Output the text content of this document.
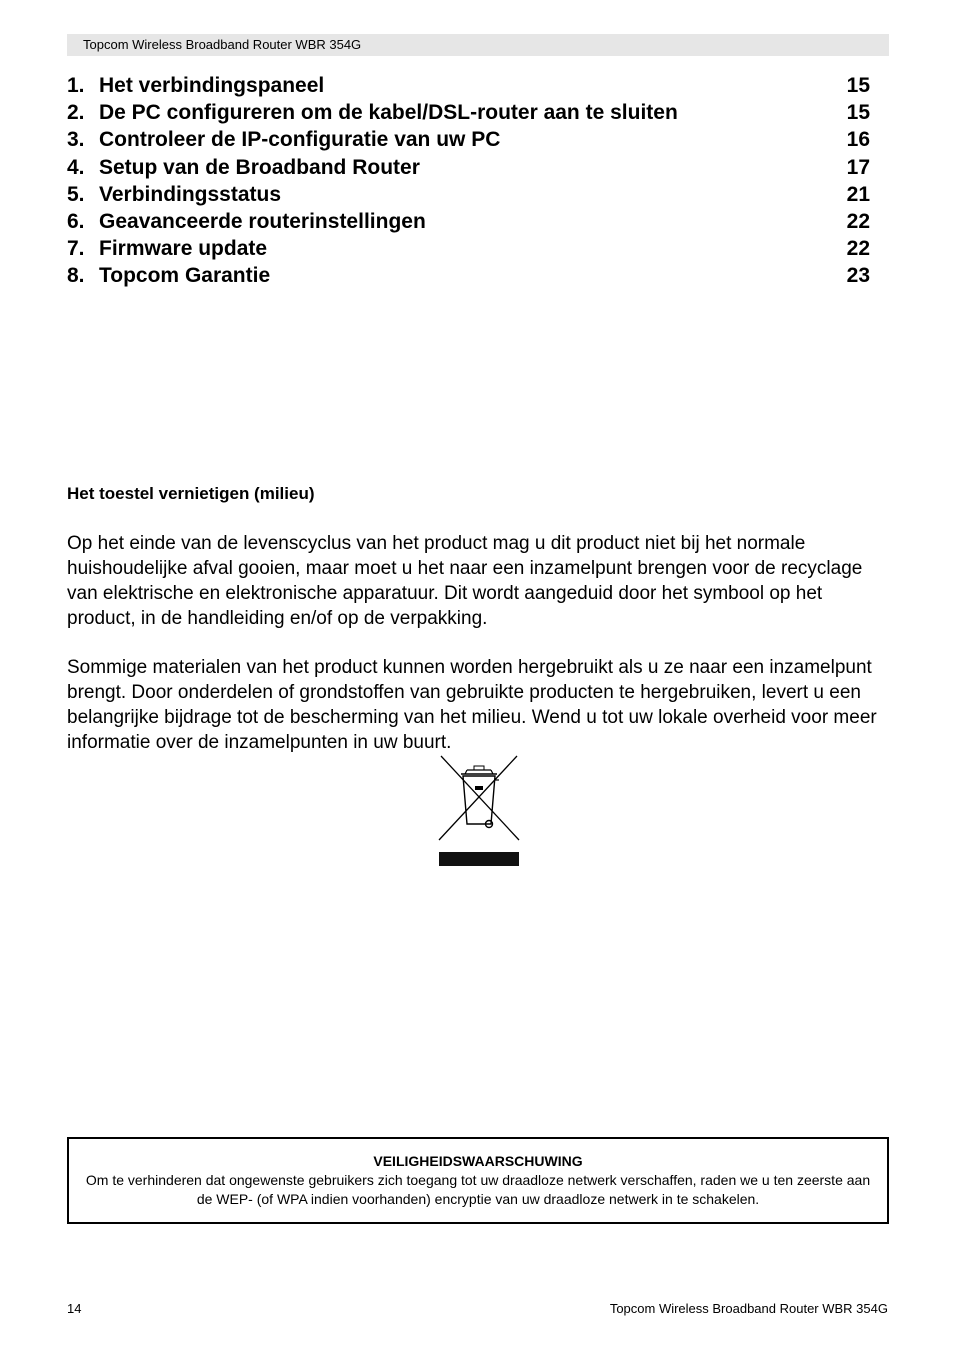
Topcom Wireless Broadband Router WBR 354G
1. Het verbindingspaneel	15
2. De PC configureren om de kabel/DSL-router aan te sluiten	15
3. Controleer de IP-configuratie van uw PC	16
4. Setup van de Broadband Router	17
5. Verbindingsstatus	21
6. Geavanceerde routerinstellingen	22
7. Firmware update	22
8. Topcom Garantie	23
Het toestel vernietigen (milieu)

Op het einde van de levenscyclus van het product mag u dit product niet bij het normale huishoudelijke afval gooien, maar moet u het naar een inzamelpunt brengen voor de recyclage van elektrische en elektronische apparatuur. Dit wordt aangeduid door het symbool op het product, in de handleiding en/of op de verpakking.

Sommige materialen van het product kunnen worden hergebruikt als u ze naar een inzamelpunt brengt. Door onderdelen of grondstoffen van gebruikte producten te hergebruiken, levert u een belangrijke bijdrage tot de bescherming van het milieu. Wend u tot uw lokale overheid voor meer informatie over de inzamelpunten in uw buurt.

VEILIGHEIDSWAARSCHUWING

Om te verhinderen dat ongewenste gebruikers zich toegang tot uw draadloze netwerk verschaffen, raden we u ten zeerste aan de WEP- (of WPA indien voorhanden) encryptie van uw draadloze netwerk in te schakelen.

14	Topcom Wireless Broadband Router WBR 354G
